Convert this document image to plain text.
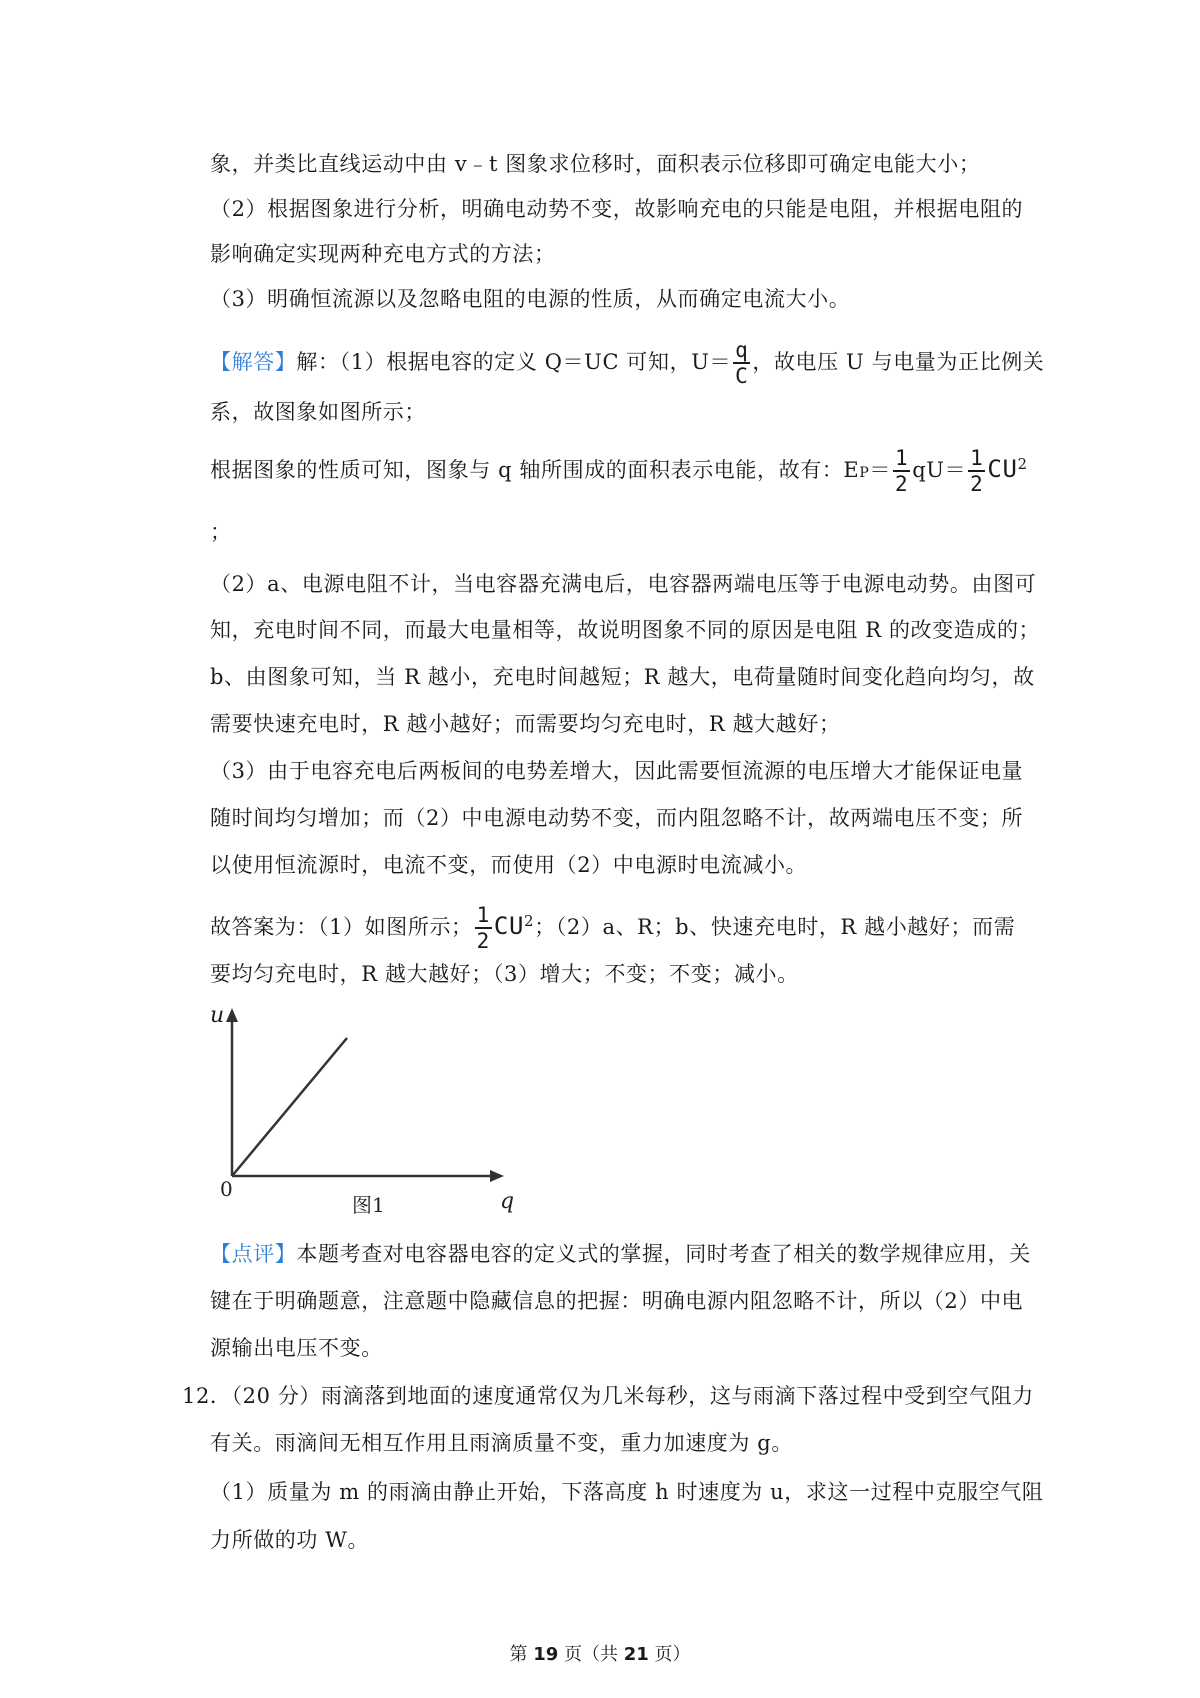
象，并类比直线运动中由 v﹣t 图象求位移时，面积表示位移即可确定电能大小；
（2）根据图象进行分析，明确电动势不变，故影响充电的只能是电阻，并根据电阻的
影响确定实现两种充电方式的方法；
（3）明确恒流源以及忽略电阻的电源的性质，从而确定电流大小。
【解答】解：（1）根据电容的定义 Q＝UC 可知，$U= \frac{q}{C}$ ，故电压 U 与电量为正比例关
系，故图象如图所示；
根据图象的性质可知，图象与 q 轴所围成的面积表示电能，故有：$EP= \frac{1}{2} qU= \frac{1}{2} CU^2$
；
（2）a、电源电阻不计，当电容器充满电后，电容器两端电压等于电源电动势。由图可
知，充电时间不同，而最大电量相等，故说明图象不同的原因是电阻 R 的改变造成的；
b、由图象可知，当 R 越小，充电时间越短；R 越大，电荷量随时间变化趋向均匀，故
需要快速充电时，R 越小越好；而需要均匀充电时，R 越大越好；
（3）由于电容充电后两板间的电势差增大，因此需要恒流源的电压增大才能保证电量
随时间均匀增加；而（2）中电源电动势不变，而内阻忽略不计，故两端电压不变；所
以使用恒流源时，电流不变，而使用（2）中电源时电流减小。
故答案为：（1）如图所示； $\frac{1}{2} CU^2$；（2）a、R；b、快速充电时，R 越小越好；而需
要均匀充电时，R 越大越好；（3）增大；不变；不变；减小。
u
0	q
图1
【点评】本题考查对电容器电容的定义式的掌握，同时考查了相关的数学规律应用，关
键在于明确题意，注意题中隐藏信息的把握：明确电源内阻忽略不计，所以（2）中电
源输出电压不变。
12．（20 分）雨滴落到地面的速度通常仅为几米每秒，这与雨滴下落过程中受到空气阻力
有关。雨滴间无相互作用且雨滴质量不变，重力加速度为 g。
（1）质量为 m 的雨滴由静止开始，下落高度 h 时速度为 u，求这一过程中克服空气阻
力所做的功 W。
第 19 页（共 21 页）
